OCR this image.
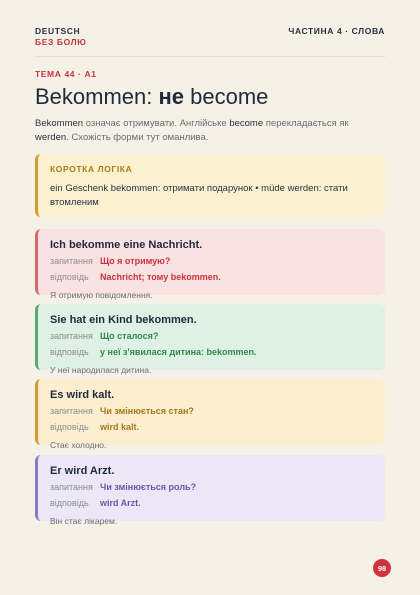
DEUTSCH
БЕЗ БОЛЮ
ЧАСТИНА 4 · СЛОВА
ТЕМА 44 · A1
Bekommen: не become

Bekommen означає отримувати. Англійське become перекладається як werden. Схожість форми тут оманлива.

КОРОТКА ЛОГІКА
ein Geschenk bekommen: отримати подарунок • müde werden: стати втомленим
Ich bekomme eine Nachricht.
запитання Що я отримую?
відповідь	Nachricht; тому bekommen.
Я отримую повідомлення.
Sie hat ein Kind bekommen.
запитання Що сталося?
відповідь	у неї з'явилася дитина: bekommen.
У неї народилася дитина.
Es wird kalt.
запитання Чи змінюється стан?
відповідь	wird kalt.
Стає холодно.
Er wird Arzt.
запитання Чи змінюється роль?
відповідь	wird Arzt.
Він стає лікарем.
98
